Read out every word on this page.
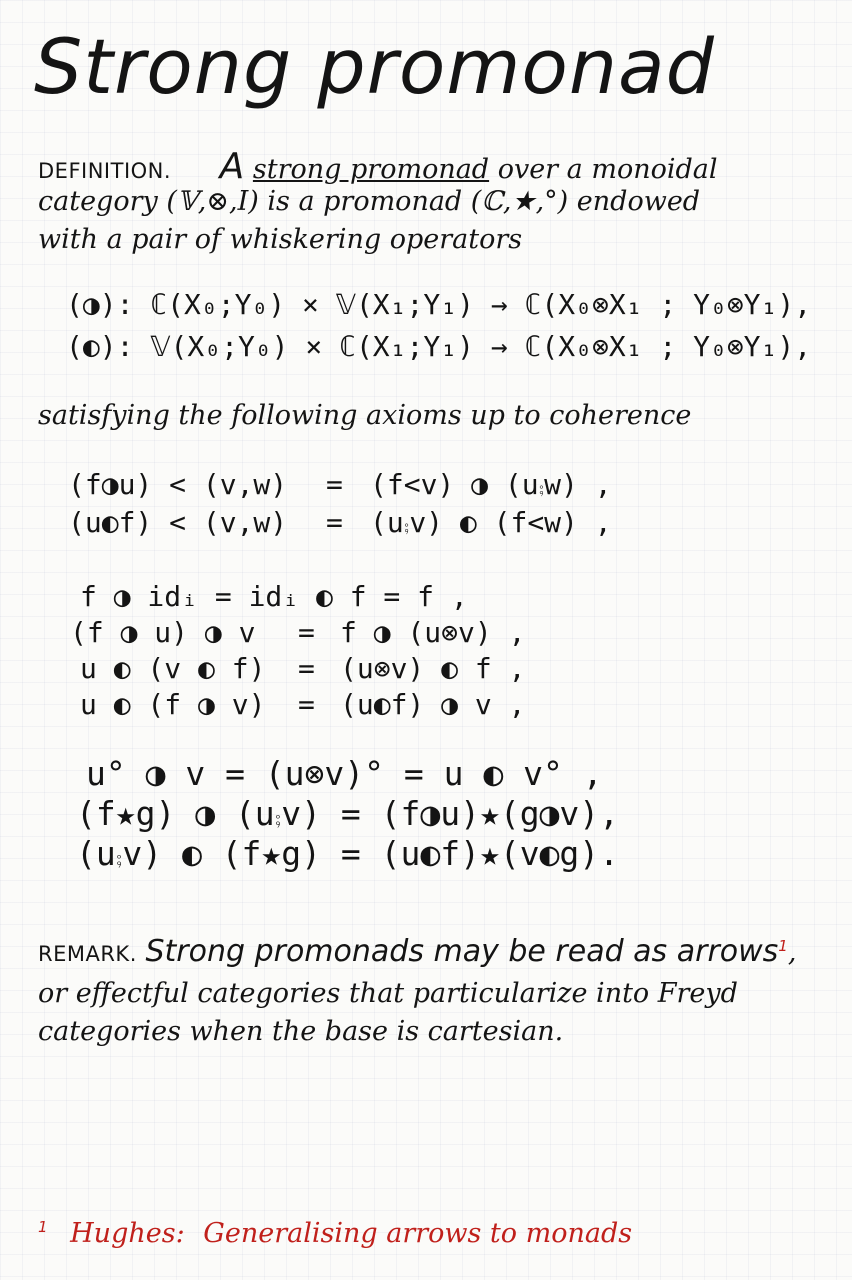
Strong promonad
DEFINITION. A strong promonad over a monoidal
category (𝕍,⊗,I) is a promonad (ℂ,★,°) endowed
with a pair of whiskering operators
(◑): ℂ(X₀;Y₀) × 𝕍(X₁;Y₁) → ℂ(X₀⊗X₁ ; Y₀⊗Y₁),
(◐): 𝕍(X₀;Y₀) × ℂ(X₁;Y₁) → ℂ(X₀⊗X₁ ; Y₀⊗Y₁),
satisfying the following axioms up to coherence
(f◑u) < (v,w) = (f<v) ◑ (u⨾w) ,
(u◐f) < (v,w) = (u⨾v) ◐ (f<w) ,
f ◑ idᵢ = idᵢ ◐ f = f ,
(f ◑ u) ◑ v = f ◑ (u⊗v) ,
u ◐ (v ◐ f) = (u⊗v) ◐ f ,
u ◐ (f ◑ v) = (u◐f) ◑ v ,
u° ◑ v = (u⊗v)° = u ◐ v° ,
(f★g) ◑ (u⨾v) = (f◑u)★(g◑v),
(u⨾v) ◐ (f★g) = (u◐f)★(v◐g).
REMARK. Strong promonads may be read as arrows$^1$,
or effectful categories that particularize into Freyd
categories when the base is cartesian.
$^1$ Hughes: Generalising arrows to monads
